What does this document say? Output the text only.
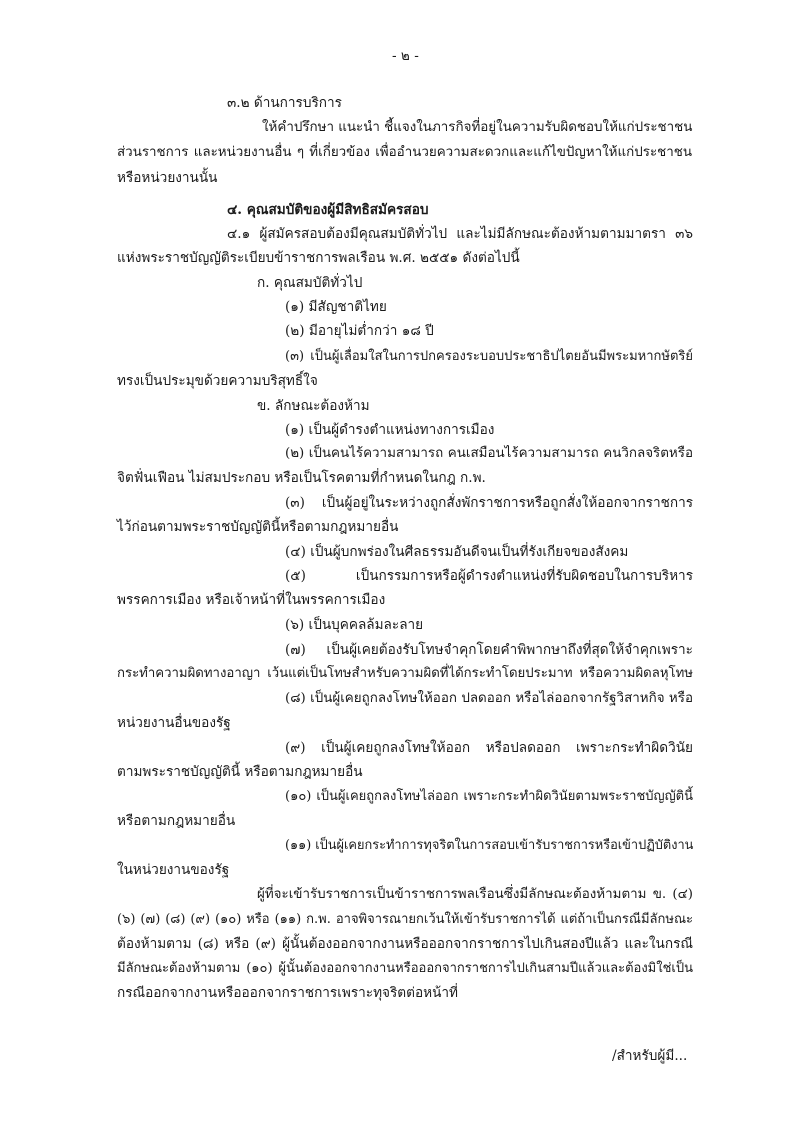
- ๒ -
๓.๒ ด้านการบริการ
ให้คำปรึกษา แนะนำ ชี้แจงในภารกิจที่อยู่ในความรับผิดชอบให้แก่ประชาชน
ส่วนราชการ และหน่วยงานอื่น ๆ ที่เกี่ยวข้อง เพื่ออำนวยความสะดวกและแก้ไขปัญหาให้แก่ประชาชน
หรือหน่วยงานนั้น
๔. คุณสมบัติของผู้มีสิทธิสมัครสอบ
๔.๑ ผู้สมัครสอบต้องมีคุณสมบัติทั่วไป และไม่มีลักษณะต้องห้ามตามมาตรา ๓๖
แห่งพระราชบัญญัติระเบียบข้าราชการพลเรือน พ.ศ. ๒๕๕๑ ดังต่อไปนี้
ก. คุณสมบัติทั่วไป
(๑) มีสัญชาติไทย
(๒) มีอายุไม่ต่ำกว่า ๑๘ ปี
(๓) เป็นผู้เลื่อมใสในการปกครองระบอบประชาธิปไตยอันมีพระมหากษัตริย์
ทรงเป็นประมุขด้วยความบริสุทธิ์ใจ
ข. ลักษณะต้องห้าม
(๑) เป็นผู้ดำรงตำแหน่งทางการเมือง
(๒) เป็นคนไร้ความสามารถ คนเสมือนไร้ความสามารถ คนวิกลจริตหรือ
จิตฟั่นเฟือน ไม่สมประกอบ หรือเป็นโรคตามที่กำหนดในกฎ ก.พ.
(๓) เป็นผู้อยู่ในระหว่างถูกสั่งพักราชการหรือถูกสั่งให้ออกจากราชการ
ไว้ก่อนตามพระราชบัญญัตินี้หรือตามกฎหมายอื่น
(๔) เป็นผู้บกพร่องในศีลธรรมอันดีจนเป็นที่รังเกียจของสังคม
(๕) เป็นกรรมการหรือผู้ดำรงตำแหน่งที่รับผิดชอบในการบริหาร
พรรคการเมือง หรือเจ้าหน้าที่ในพรรคการเมือง
(๖) เป็นบุคคลล้มละลาย
(๗) เป็นผู้เคยต้องรับโทษจำคุกโดยคำพิพากษาถึงที่สุดให้จำคุกเพราะ
กระทำความผิดทางอาญา เว้นแต่เป็นโทษสำหรับความผิดที่ได้กระทำโดยประมาท หรือความผิดลหุโทษ
(๘) เป็นผู้เคยถูกลงโทษให้ออก ปลดออก หรือไล่ออกจากรัฐวิสาหกิจ หรือ
หน่วยงานอื่นของรัฐ
(๙) เป็นผู้เคยถูกลงโทษให้ออก หรือปลดออก เพราะกระทำผิดวินัย
ตามพระราชบัญญัตินี้ หรือตามกฎหมายอื่น
(๑๐) เป็นผู้เคยถูกลงโทษไล่ออก เพราะกระทำผิดวินัยตามพระราชบัญญัตินี้
หรือตามกฎหมายอื่น
(๑๑) เป็นผู้เคยกระทำการทุจริตในการสอบเข้ารับราชการหรือเข้าปฏิบัติงาน
ในหน่วยงานของรัฐ
ผู้ที่จะเข้ารับราชการเป็นข้าราชการพลเรือนซึ่งมีลักษณะต้องห้ามตาม ข. (๔)
(๖) (๗) (๘) (๙) (๑๐) หรือ (๑๑) ก.พ. อาจพิจารณายกเว้นให้เข้ารับราชการได้ แต่ถ้าเป็นกรณีมีลักษณะ
ต้องห้ามตาม (๘) หรือ (๙) ผู้นั้นต้องออกจากงานหรือออกจากราชการไปเกินสองปีแล้ว และในกรณี
มีลักษณะต้องห้ามตาม (๑๐) ผู้นั้นต้องออกจากงานหรือออกจากราชการไปเกินสามปีแล้วและต้องมิใช่เป็น
กรณีออกจากงานหรือออกจากราชการเพราะทุจริตต่อหน้าที่
/สำหรับผู้มี...
